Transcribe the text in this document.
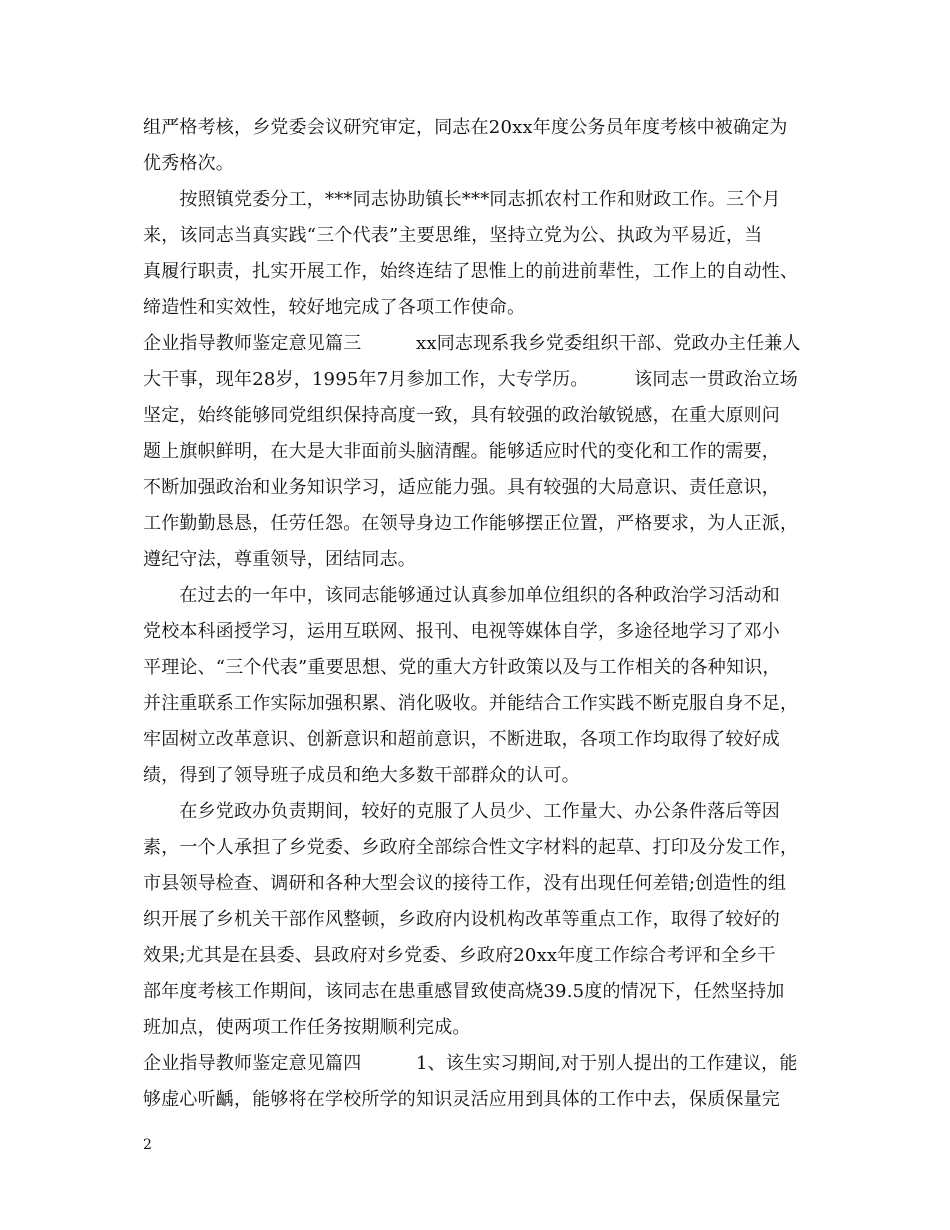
组严格考核，乡党委会议研究审定，同志在20xx年度公务员年度考核中被确定为
优秀格次。
　　按照镇党委分工，***同志协助镇长***同志抓农村工作和财政工作。三个月
来，该同志当真实践“三个代表”主要思维，坚持立党为公、执政为平易近，当
真履行职责，扎实开展工作，始终连结了思惟上的前进前辈性，工作上的自动性、
缔造性和实效性，较好地完成了各项工作使命。
企业指导教师鉴定意见篇三　　　xx同志现系我乡党委组织干部、党政办主任兼人
大干事，现年28岁，1995年7月参加工作，大专学历。　　　该同志一贯政治立场
坚定，始终能够同党组织保持高度一致，具有较强的政治敏锐感，在重大原则问
题上旗帜鲜明，在大是大非面前头脑清醒。能够适应时代的变化和工作的需要，
不断加强政治和业务知识学习，适应能力强。具有较强的大局意识、责任意识，
工作勤勤恳恳，任劳任怨。在领导身边工作能够摆正位置，严格要求，为人正派，
遵纪守法，尊重领导，团结同志。
　　在过去的一年中，该同志能够通过认真参加单位组织的各种政治学习活动和
党校本科函授学习，运用互联网、报刊、电视等媒体自学，多途径地学习了邓小
平理论、“三个代表”重要思想、党的重大方针政策以及与工作相关的各种知识，
并注重联系工作实际加强积累、消化吸收。并能结合工作实践不断克服自身不足，
牢固树立改革意识、创新意识和超前意识，不断进取，各项工作均取得了较好成
绩，得到了领导班子成员和绝大多数干部群众的认可。
　　在乡党政办负责期间，较好的克服了人员少、工作量大、办公条件落后等因
素，一个人承担了乡党委、乡政府全部综合性文字材料的起草、打印及分发工作，
市县领导检查、调研和各种大型会议的接待工作，没有出现任何差错;创造性的组
织开展了乡机关干部作风整顿，乡政府内设机构改革等重点工作，取得了较好的
效果;尤其是在县委、县政府对乡党委、乡政府20xx年度工作综合考评和全乡干
部年度考核工作期间，该同志在患重感冒致使高烧39.5度的情况下，任然坚持加
班加点，使两项工作任务按期顺利完成。
企业指导教师鉴定意见篇四　　　1、该生实习期间,对于别人提出的工作建议，能
够虚心听齲，能够将在学校所学的知识灵活应用到具体的工作中去，保质保量完
2
